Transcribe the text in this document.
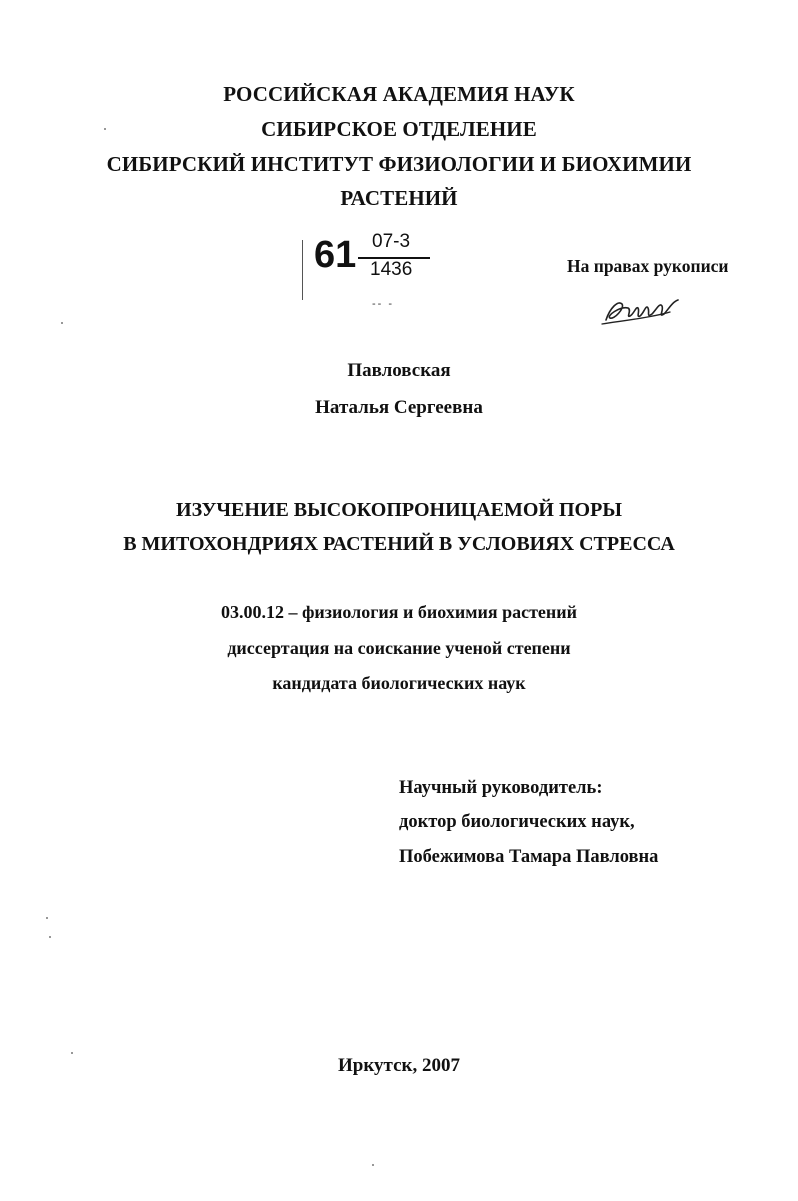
РОССИЙСКАЯ АКАДЕМИЯ НАУК
СИБИРСКОЕ ОТДЕЛЕНИЕ
СИБИРСКИЙ ИНСТИТУТ ФИЗИОЛОГИИ И БИОХИМИИ
РАСТЕНИЙ
61 07-3
1436
-- -
На правах рукописи
Павловская
Наталья Сергеевна
ИЗУЧЕНИЕ ВЫСОКОПРОНИЦАЕМОЙ ПОРЫ
В МИТОХОНДРИЯХ РАСТЕНИЙ В УСЛОВИЯХ СТРЕССА
03.00.12 – физиология и биохимия растений
диссертация на соискание ученой степени
кандидата биологических наук
Научный руководитель:
доктор биологических наук,
Побежимова Тамара Павловна
Иркутск, 2007
